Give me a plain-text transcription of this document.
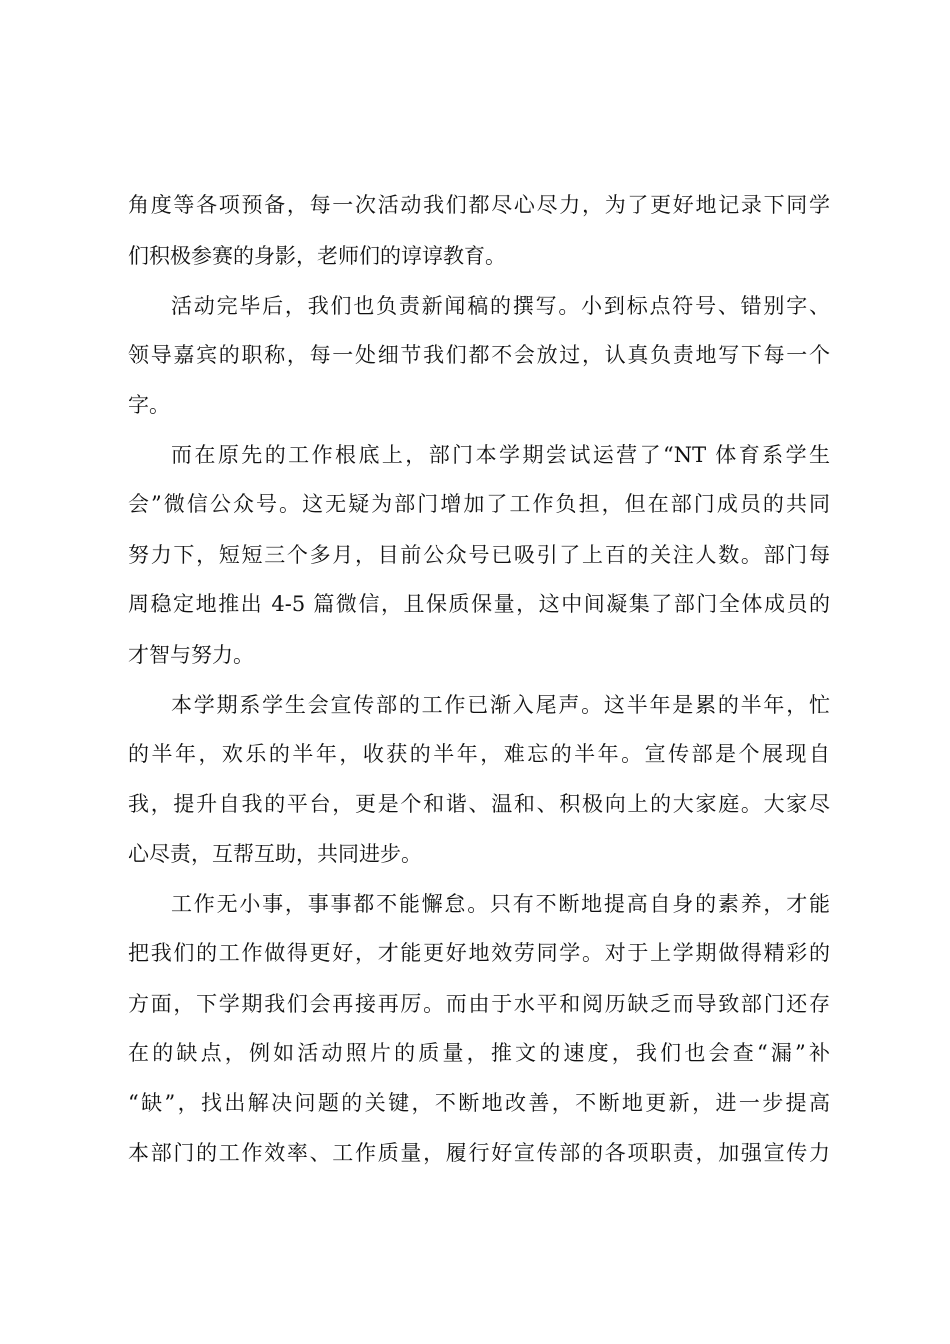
角度等各项预备，每一次活动我们都尽心尽力，为了更好地记录下同学
们积极参赛的身影，老师们的谆谆教育。
活动完毕后，我们也负责新闻稿的撰写。小到标点符号、错别字、
领导嘉宾的职称，每一处细节我们都不会放过，认真负责地写下每一个
字。
而在原先的工作根底上，部门本学期尝试运营了“NT 体育系学生
会”微信公众号。这无疑为部门增加了工作负担，但在部门成员的共同
努力下，短短三个多月，目前公众号已吸引了上百的关注人数。部门每
周稳定地推出 4-5 篇微信，且保质保量，这中间凝集了部门全体成员的
才智与努力。
本学期系学生会宣传部的工作已渐入尾声。这半年是累的半年，忙
的半年，欢乐的半年，收获的半年，难忘的半年。宣传部是个展现自
我，提升自我的平台，更是个和谐、温和、积极向上的大家庭。大家尽
心尽责，互帮互助，共同进步。
工作无小事，事事都不能懈怠。只有不断地提高自身的素养，才能
把我们的工作做得更好，才能更好地效劳同学。对于上学期做得精彩的
方面，下学期我们会再接再厉。而由于水平和阅历缺乏而导致部门还存
在的缺点，例如活动照片的质量，推文的速度，我们也会查“漏”补
“缺”，找出解决问题的关键，不断地改善，不断地更新，进一步提高
本部门的工作效率、工作质量，履行好宣传部的各项职责，加强宣传力
